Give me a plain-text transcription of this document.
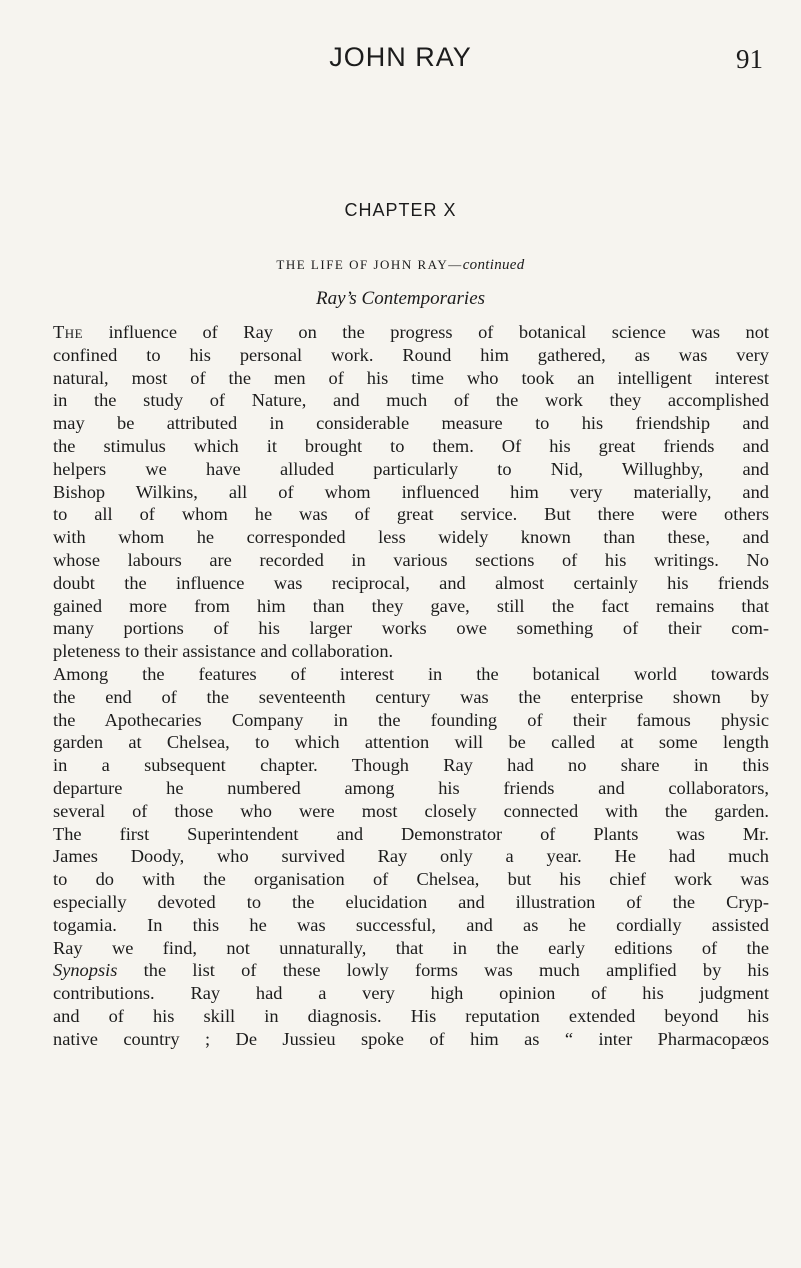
JOHN RAY	91
CHAPTER X
THE LIFE OF JOHN RAY—continued
Ray’s Contemporaries
The influence of Ray on the progress of botanical science was not
confined to his personal work. Round him gathered, as was very
natural, most of the men of his time who took an intelligent interest
in the study of Nature, and much of the work they accomplished
may be attributed in considerable measure to his friendship and
the stimulus which it brought to them. Of his great friends and
helpers we have alluded particularly to Nid, Willughby, and
Bishop Wilkins, all of whom influenced him very materially, and
to all of whom he was of great service. But there were others
with whom he corresponded less widely known than these, and
whose labours are recorded in various sections of his writings. No
doubt the influence was reciprocal, and almost certainly his friends
gained more from him than they gave, still the fact remains that
many portions of his larger works owe something of their com-
pleteness to their assistance and collaboration.
Among the features of interest in the botanical world towards
the end of the seventeenth century was the enterprise shown by
the Apothecaries Company in the founding of their famous physic
garden at Chelsea, to which attention will be called at some length
in a subsequent chapter. Though Ray had no share in this
departure he numbered among his friends and collaborators,
several of those who were most closely connected with the garden.
The first Superintendent and Demonstrator of Plants was Mr.
James Doody, who survived Ray only a year. He had much
to do with the organisation of Chelsea, but his chief work was
especially devoted to the elucidation and illustration of the Cryp-
togamia. In this he was successful, and as he cordially assisted
Ray we find, not unnaturally, that in the early editions of the
Synopsis the list of these lowly forms was much amplified by his
contributions. Ray had a very high opinion of his judgment
and of his skill in diagnosis. His reputation extended beyond his
native country ; De Jussieu spoke of him as “ inter Pharmacopæos
